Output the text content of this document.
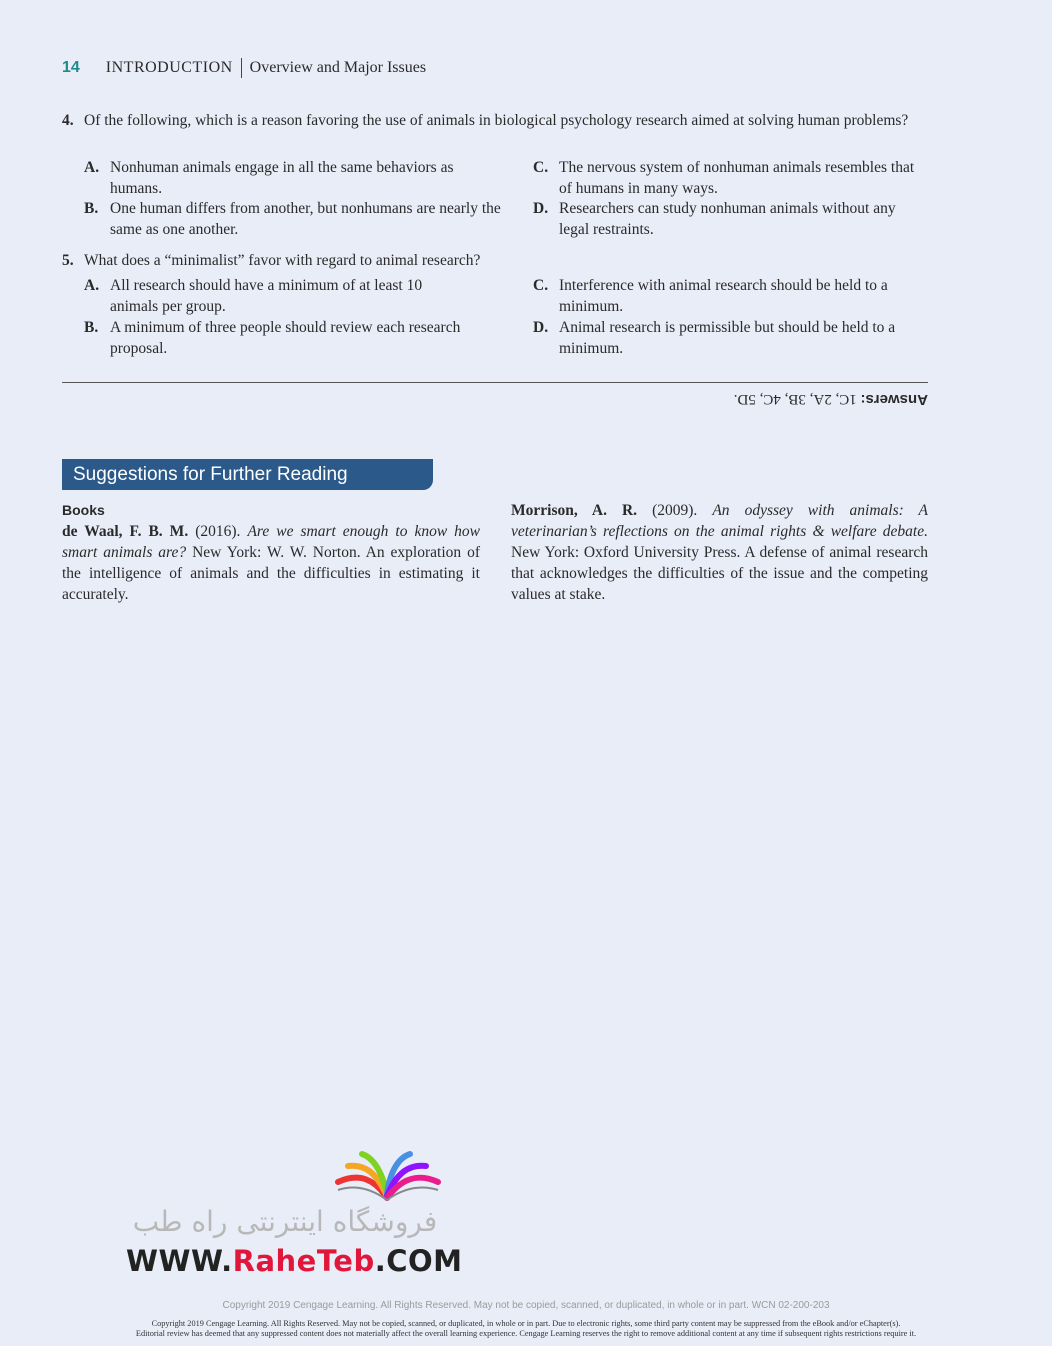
14 INTRODUCTION Overview and Major Issues
4. Of the following, which is a reason favoring the use of animals in biological psychology research aimed at solving human problems?
A. Nonhuman animals engage in all the same behaviors as humans.
B. One human differs from another, but nonhumans are nearly the same as one another.
C. The nervous system of nonhuman animals resembles that of humans in many ways.
D. Researchers can study nonhuman animals without any legal restraints.
5. What does a “minimalist” favor with regard to animal research?
A. All research should have a minimum of at least 10 animals per group.
B. A minimum of three people should review each research proposal.
C. Interference with animal research should be held to a minimum.
D. Animal research is permissible but should be held to a minimum.
Answers: 1C, 2A, 3B, 4C, 5D.
Suggestions for Further Reading
Books
de Waal, F. B. M. (2016). Are we smart enough to know how smart animals are? New York: W. W. Norton. An exploration of the intelligence of animals and the difficulties in estimating it accurately.
Morrison, A. R. (2009). An odyssey with animals: A veterinarian’s reflections on the animal rights & welfare debate. New York: Oxford University Press. A defense of animal research that acknowledges the difficulties of the issue and the competing values at stake.
فروشگاه اینترنتی راه طب
WWW.RaheTeb.COM
Copyright 2019 Cengage Learning. All Rights Reserved. May not be copied, scanned, or duplicated, in whole or in part. WCN 02-200-203
Copyright 2019 Cengage Learning. All Rights Reserved. May not be copied, scanned, or duplicated, in whole or in part. Due to electronic rights, some third party content may be suppressed from the eBook and/or eChapter(s).
Editorial review has deemed that any suppressed content does not materially affect the overall learning experience. Cengage Learning reserves the right to remove additional content at any time if subsequent rights restrictions require it.
